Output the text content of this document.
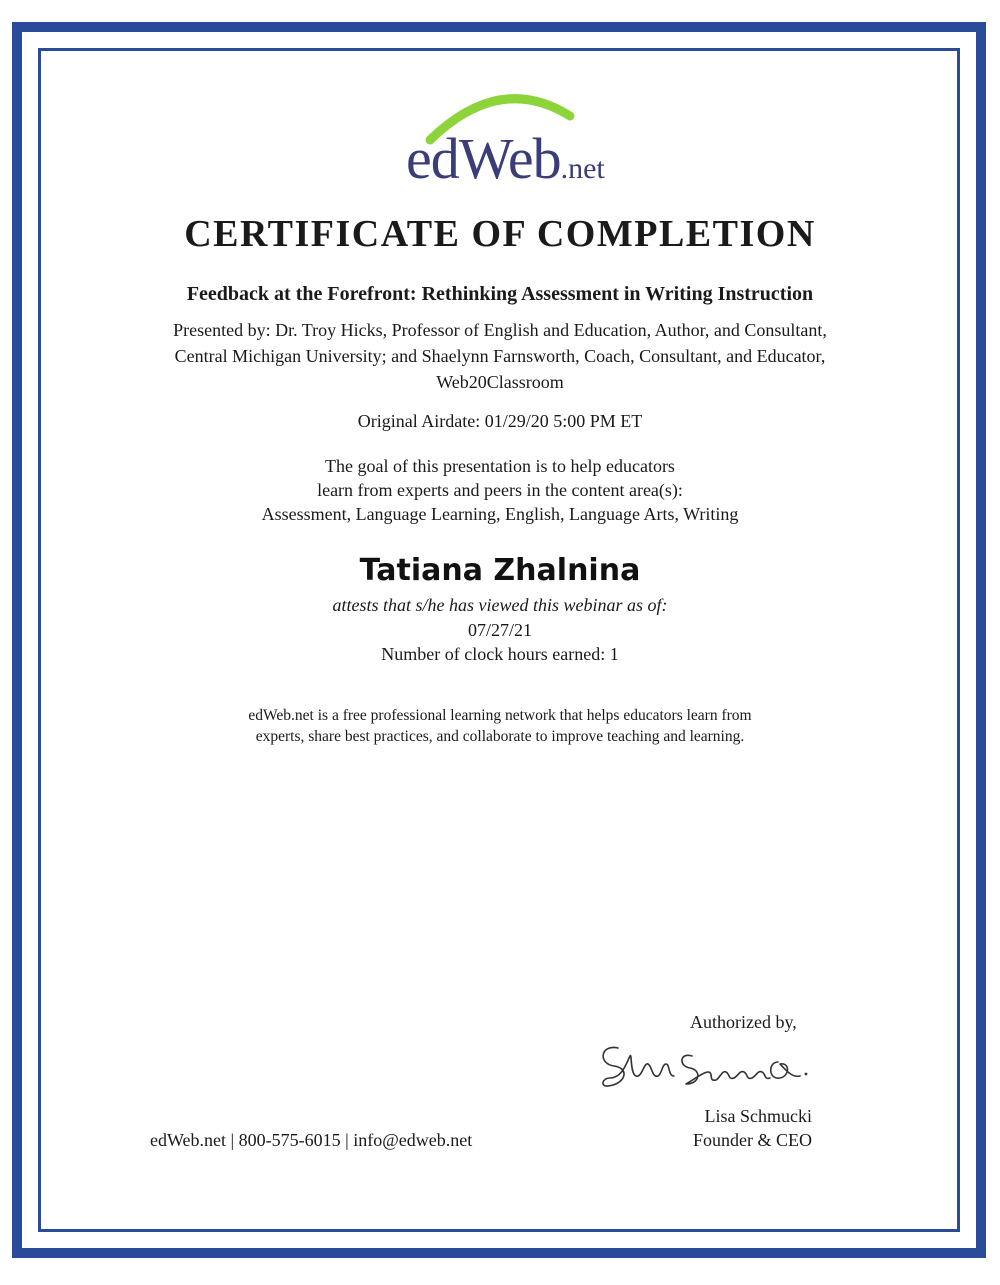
edWeb.net
CERTIFICATE OF COMPLETION
Feedback at the Forefront: Rethinking Assessment in Writing Instruction
Presented by: Dr. Troy Hicks, Professor of English and Education, Author, and Consultant,
Central Michigan University; and Shaelynn Farnsworth, Coach, Consultant, and Educator,
Web20Classroom
Original Airdate: 01/29/20 5:00 PM ET
The goal of this presentation is to help educators
learn from experts and peers in the content area(s):
Assessment, Language Learning, English, Language Arts, Writing
Tatiana Zhalnina
attests that s/he has viewed this webinar as of:
07/27/21
Number of clock hours earned: 1
edWeb.net is a free professional learning network that helps educators learn from
experts, share best practices, and collaborate to improve teaching and learning.
Authorized by,
Lisa Schmucki
Founder & CEO
edWeb.net | 800-575-6015 | info@edweb.net
